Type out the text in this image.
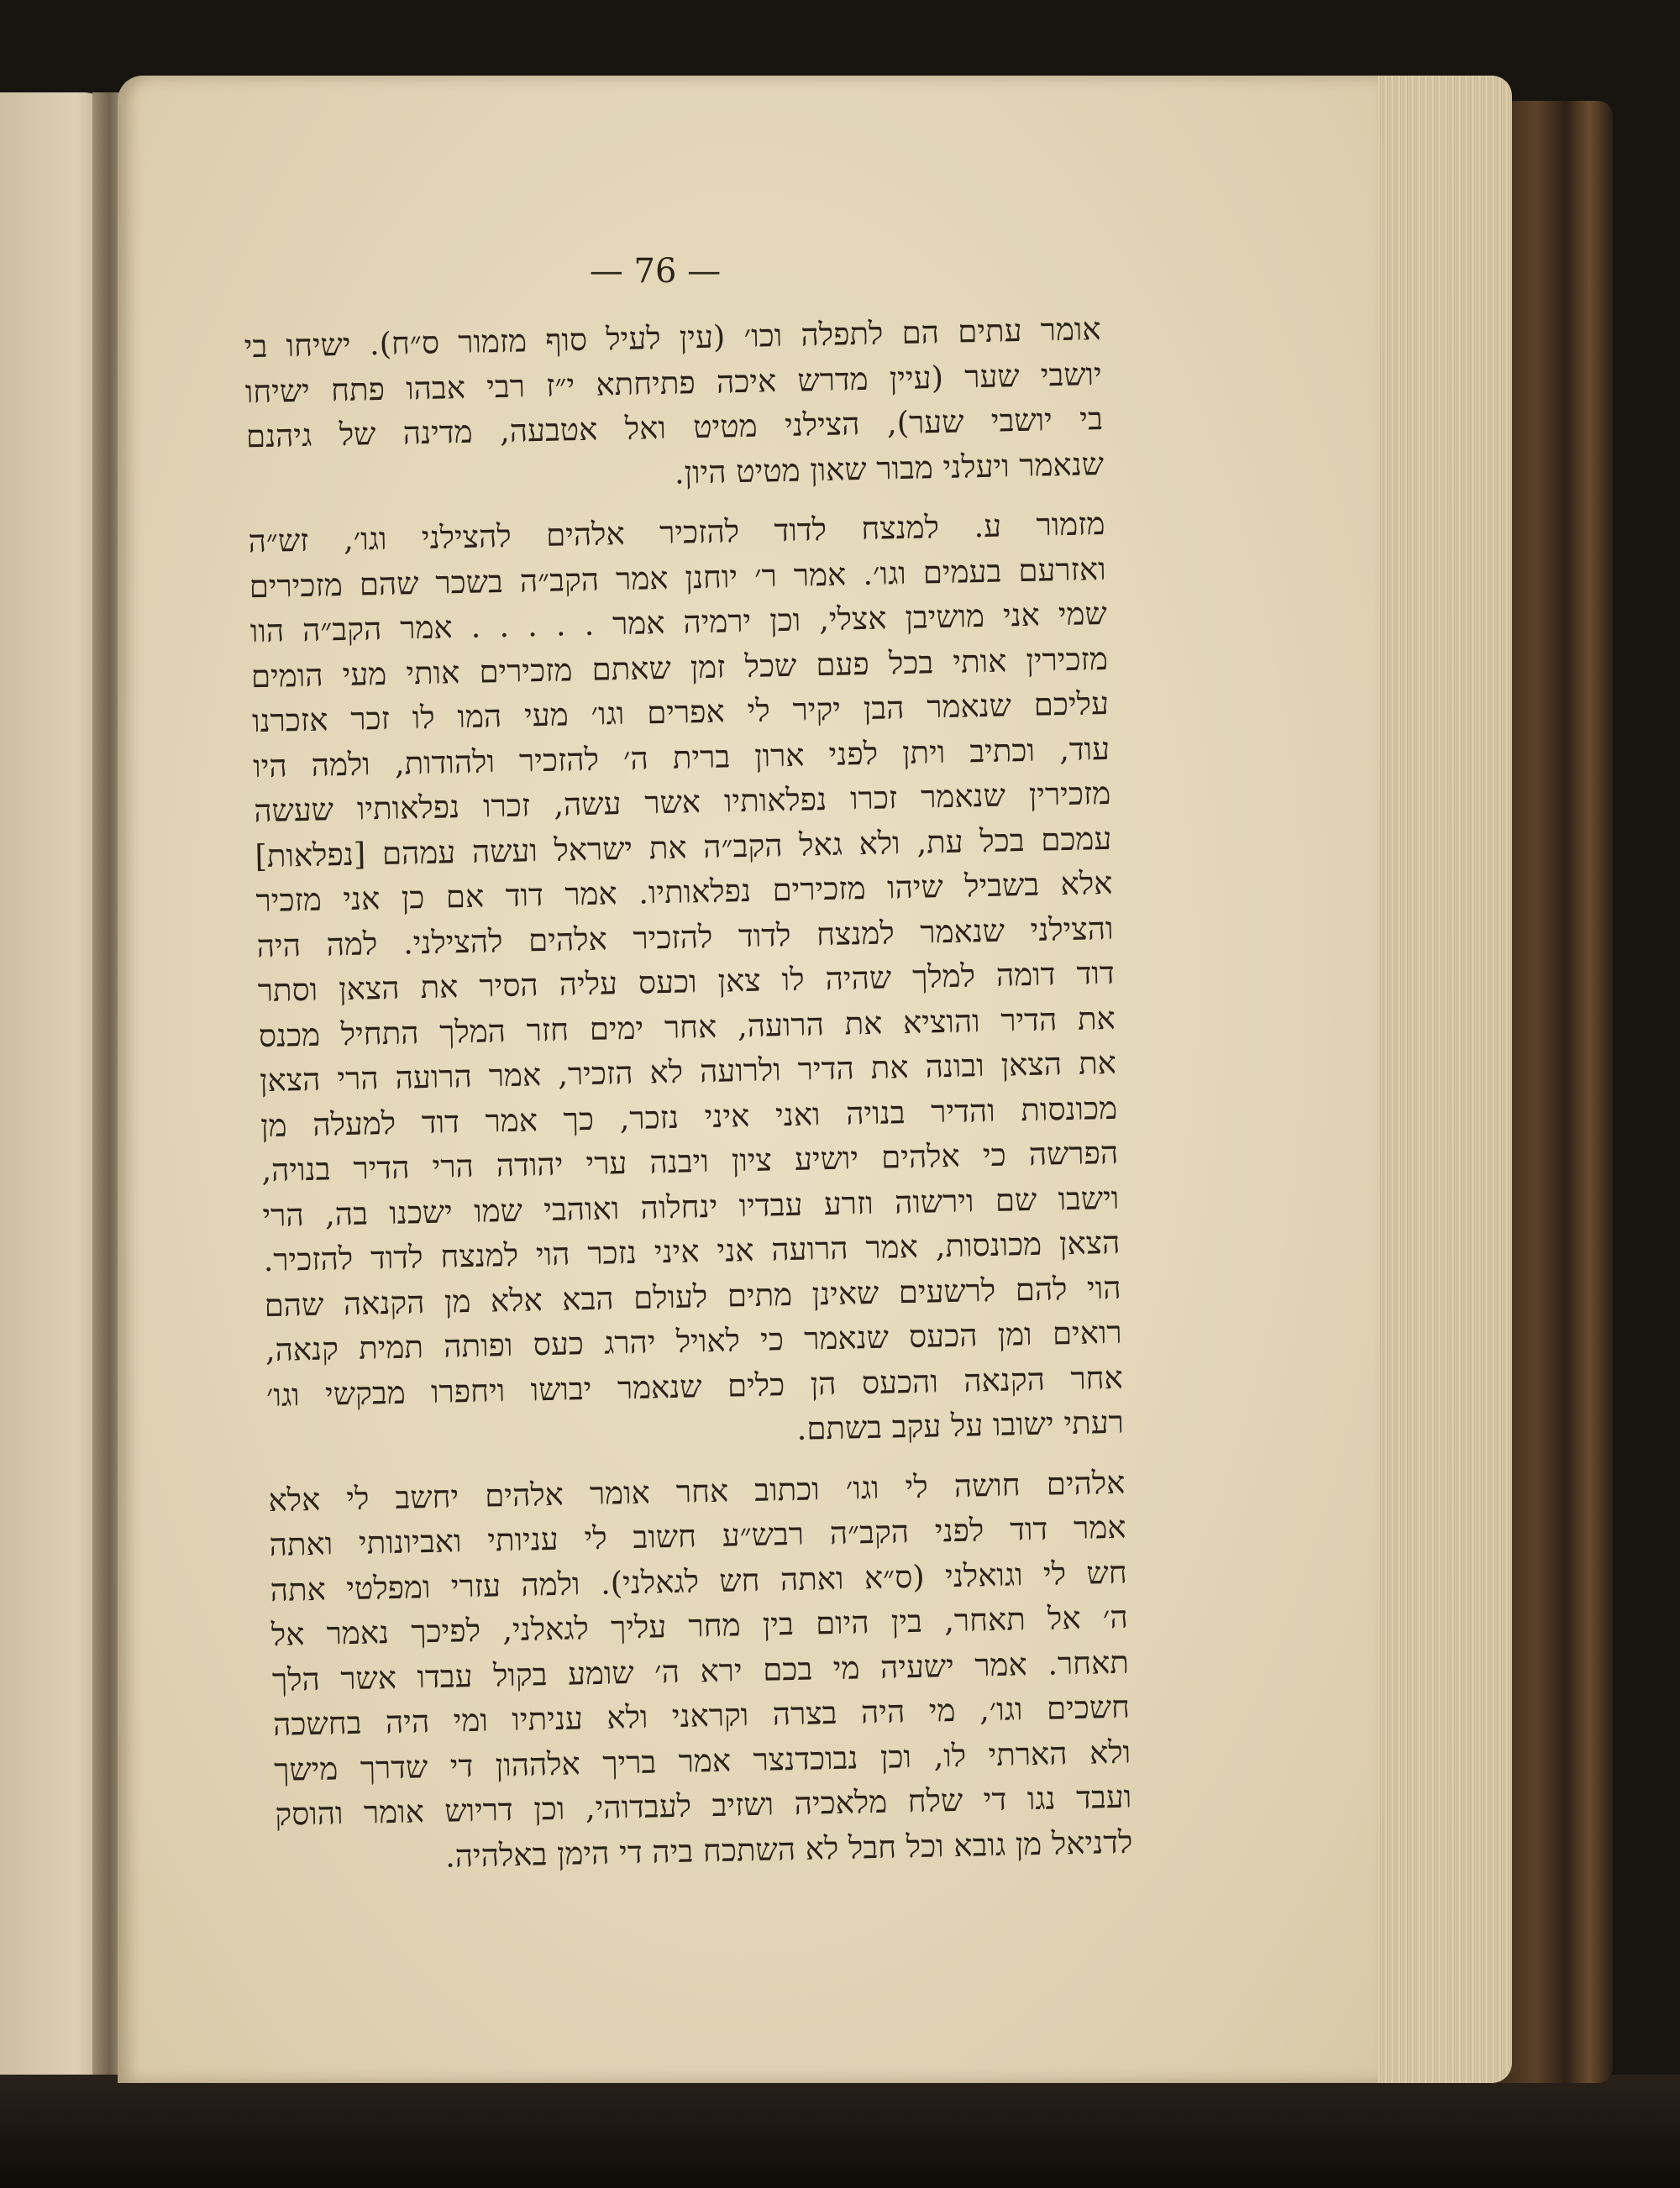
— 76 —
אומר עתים הם לתפלה וכו׳ (עין לעיל סוף מזמור ס״ח). ישיחו בי
יושבי שער (עיין מדרש איכה פתיחתא י״ז רבי אבהו פתח ישיחו
בי יושבי שער), הצילני מטיט ואל אטבעה, מדינה של גיהנם
שנאמר ויעלני מבור שאון מטיט היון.
מזמור ע. למנצח לדוד להזכיר אלהים להצילני וגו׳, זש״ה
ואזרעם בעמים וגו׳. אמר ר׳ יוחנן אמר הקב״ה בשכר שהם מזכירים
שמי אני מושיבן אצלי, וכן ירמיה אמר . . . . . אמר הקב״ה הוו
מזכירין אותי בכל פעם שכל זמן שאתם מזכירים אותי מעי הומים
עליכם שנאמר הבן יקיר לי אפרים וגו׳ מעי המו לו זכר אזכרנו
עוד, וכתיב ויתן לפני ארון ברית ה׳ להזכיר ולהודות, ולמה היו
מזכירין שנאמר זכרו נפלאותיו אשר עשה, זכרו נפלאותיו שעשה
עמכם בכל עת, ולא גאל הקב״ה את ישראל ועשה עמהם [נפלאות]
אלא בשביל שיהו מזכירים נפלאותיו. אמר דוד אם כן אני מזכיר
והצילני שנאמר למנצח לדוד להזכיר אלהים להצילני. למה היה
דוד דומה למלך שהיה לו צאן וכעס עליה הסיר את הצאן וסתר
את הדיר והוציא את הרועה, אחר ימים חזר המלך התחיל מכנס
את הצאן ובונה את הדיר ולרועה לא הזכיר, אמר הרועה הרי הצאן
מכונסות והדיר בנויה ואני איני נזכר, כך אמר דוד למעלה מן
הפרשה כי אלהים יושיע ציון ויבנה ערי יהודה הרי הדיר בנויה,
וישבו שם וירשוה וזרע עבדיו ינחלוה ואוהבי שמו ישכנו בה, הרי
הצאן מכונסות, אמר הרועה אני איני נזכר הוי למנצח לדוד להזכיר.
הוי להם לרשעים שאינן מתים לעולם הבא אלא מן הקנאה שהם
רואים ומן הכעס שנאמר כי לאויל יהרג כעס ופותה תמית קנאה,
אחר הקנאה והכעס הן כלים שנאמר יבושו ויחפרו מבקשי וגו׳
רעתי ישובו על עקב בשתם.
אלהים חושה לי וגו׳ וכתוב אחר אומר אלהים יחשב לי אלא
אמר דוד לפני הקב״ה רבש״ע חשוב לי עניותי ואביונותי ואתה
חש לי וגואלני (ס״א ואתה חש לגאלני). ולמה עזרי ומפלטי אתה
ה׳ אל תאחר, בין היום בין מחר עליך לגאלני, לפיכך נאמר אל
תאחר. אמר ישעיה מי בכם ירא ה׳ שומע בקול עבדו אשר הלך
חשכים וגו׳, מי היה בצרה וקראני ולא עניתיו ומי היה בחשכה
ולא הארתי לו, וכן נבוכדנצר אמר בריך אלההון די שדרך מישך
ועבד נגו די שלח מלאכיה ושזיב לעבדוהי, וכן דריוש אומר והוסק
לדניאל מן גובא וכל חבל לא השתכח ביה די הימן באלהיה.
